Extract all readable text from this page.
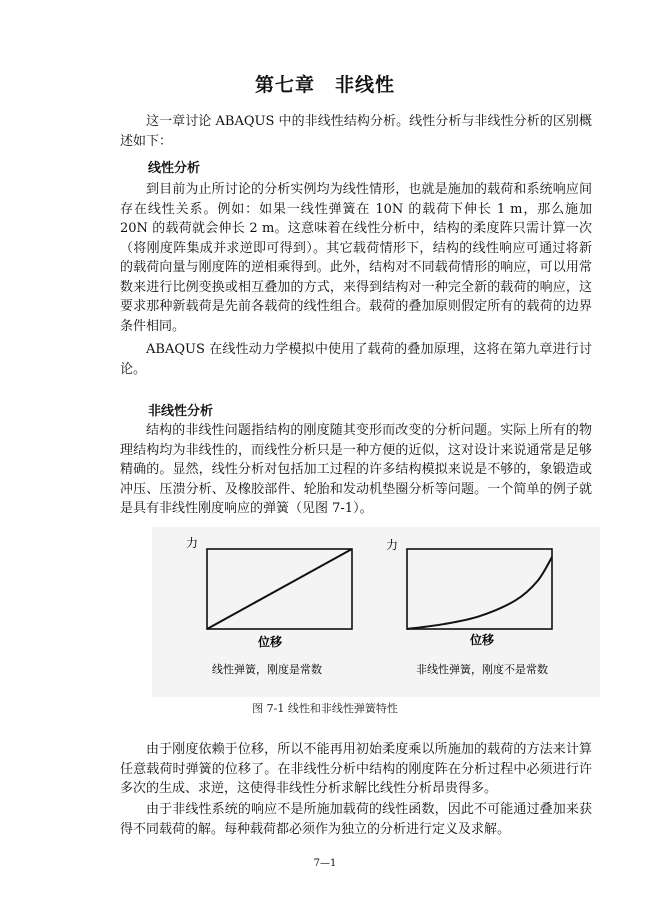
第七章　非线性

这一章讨论 ABAQUS 中的非线性结构分析。线性分析与非线性分析的区别概述如下：

线性分析

到目前为止所讨论的分析实例均为线性情形，也就是施加的载荷和系统响应间存在线性关系。例如：如果一线性弹簧在 10N 的载荷下伸长 1 m，那么施加 20N 的载荷就会伸长 2 m。这意味着在线性分析中，结构的柔度阵只需计算一次（将刚度阵集成并求逆即可得到）。其它载荷情形下，结构的线性响应可通过将新的载荷向量与刚度阵的逆相乘得到。此外，结构对不同载荷情形的响应，可以用常数来进行比例变换或相互叠加的方式，来得到结构对一种完全新的载荷的响应，这要求那种新载荷是先前各载荷的线性组合。载荷的叠加原则假定所有的载荷的边界条件相同。

ABAQUS 在线性动力学模拟中使用了载荷的叠加原理，这将在第九章进行讨论。

非线性分析

结构的非线性问题指结构的刚度随其变形而改变的分析问题。实际上所有的物理结构均为非线性的，而线性分析只是一种方便的近似，这对设计来说通常是足够精确的。显然，线性分析对包括加工过程的许多结构模拟来说是不够的，象锻造或冲压、压溃分析、及橡胶部件、轮胎和发动机垫圈分析等问题。一个简单的例子就是具有非线性刚度响应的弹簧（见图 7-1）。

力
位移
线性弹簧，刚度是常数
力
位移
非线性弹簧，刚度不是常数
图 7-1 线性和非线性弹簧特性

由于刚度依赖于位移，所以不能再用初始柔度乘以所施加的载荷的方法来计算任意载荷时弹簧的位移了。在非线性分析中结构的刚度阵在分析过程中必须进行许多次的生成、求逆，这使得非线性分析求解比线性分析昂贵得多。

由于非线性系统的响应不是所施加载荷的线性函数，因此不可能通过叠加来获得不同载荷的解。每种载荷都必须作为独立的分析进行定义及求解。

7—1
